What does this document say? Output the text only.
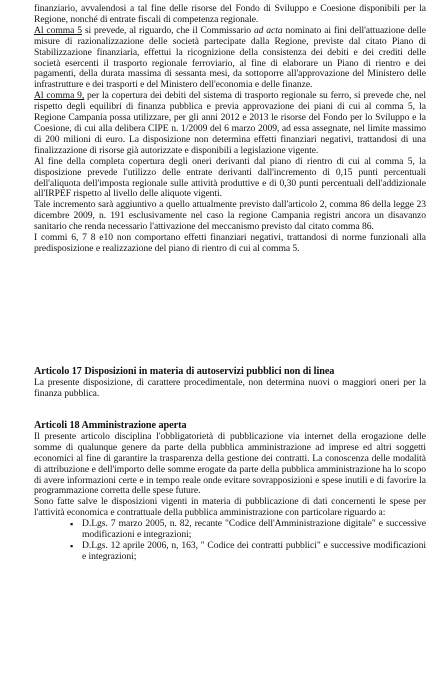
finanziario, avvalendosi a tal fine delle risorse del Fondo di Sviluppo e Coesione disponibili per la Regione, nonché di entrate fiscali di competenza regionale.

Al comma 5 si prevede, al riguardo, che il Commissario ad acta nominato ai fini dell'attuazione delle misure di razionalizzazione delle società partecipate dalla Regione, previste dal citato Piano di Stabilizzazione finanziaria, effettui la ricognizione della consistenza dei debiti e dei crediti delle società esercenti il trasporto regionale ferroviario, al fine di elaborare un Piano di rientro e dei pagamenti, della durata massima di sessanta mesi, da sottoporre all'approvazione del Ministero delle infrastrutture e dei trasporti e del Ministero dell'economia e delle finanze.

Al comma 9, per la copertura dei debiti del sistema di trasporto regionale su ferro, si prevede che, nel rispetto degli equilibri di finanza pubblica e previa approvazione dei piani di cui al comma 5, la Regione Campania possa utilizzare, per gli anni 2012 e 2013 le risorse del Fondo per lo Sviluppo e la Coesione, di cui alla delibera CIPE n. 1/2009 del 6 marzo 2009, ad essa assegnate, nel limite massimo di 200 milioni di euro. La disposizione non determina effetti finanziari negativi, trattandosi di una finalizzazione di risorse già autorizzate e disponibili a legislazione vigente.

Al fine della completa copertura degli oneri derivanti dal piano di rientro di cui al comma 5, la disposizione prevede l'utilizzo delle entrate derivanti dall'incremento di 0,15 punti percentuali dell'aliquota dell'imposta regionale sulle attività produttive e di 0,30 punti percentuali dell'addizionale all'IRPEF rispetto al livello delle aliquote vigenti.

Tale incremento sarà aggiuntivo a quello attualmente previsto dall'articolo 2, comma 86 della legge 23 dicembre 2009, n. 191 esclusivamente nel caso la regione Campania registri ancora un disavanzo sanitario che renda necessario l'attivazione del meccanismo previsto dal citato comma 86.

I commi 6, 7 8 e10 non comportano effetti finanziari negativi, trattandosi di norme funzionali alla predisposizione e realizzazione del piano di rientro di cui al comma 5.

Articolo 17 Disposizioni in materia di autoservizi pubblici non di linea

La presente disposizione, di carattere procedimentale, non determina nuovi o maggiori oneri per la finanza pubblica.

Articoli 18 Amministrazione aperta

Il presente articolo disciplina l'obbligatorietà di pubblicazione via internet della erogazione delle somme di qualunque genere da parte della pubblica amministrazione ad imprese ed altri soggetti economici al fine di garantire la trasparenza della gestione dei contratti. La conoscenza delle modalità di attribuzione e dell'importo delle somme erogate da parte della pubblica amministrazione ha lo scopo di avere informazioni certe e in tempo reale onde evitare sovrapposizioni e spese inutili e di favorire la programmazione corretta delle spese future.

Sono fatte salve le disposizioni vigenti in materia di pubblicazione di dati concernenti le spese per l'attività economica e contrattuale della pubblica amministrazione con particolare riguardo a:

▪ D.Lgs. 7 marzo 2005, n. 82, recante "Codice dell'Amministrazione digitale" e successive modificazioni e integrazioni;
▪ D.Lgs. 12 aprile 2006, n, 163, " Codice dei contratti pubblici" e successive modificazioni e integrazioni;
